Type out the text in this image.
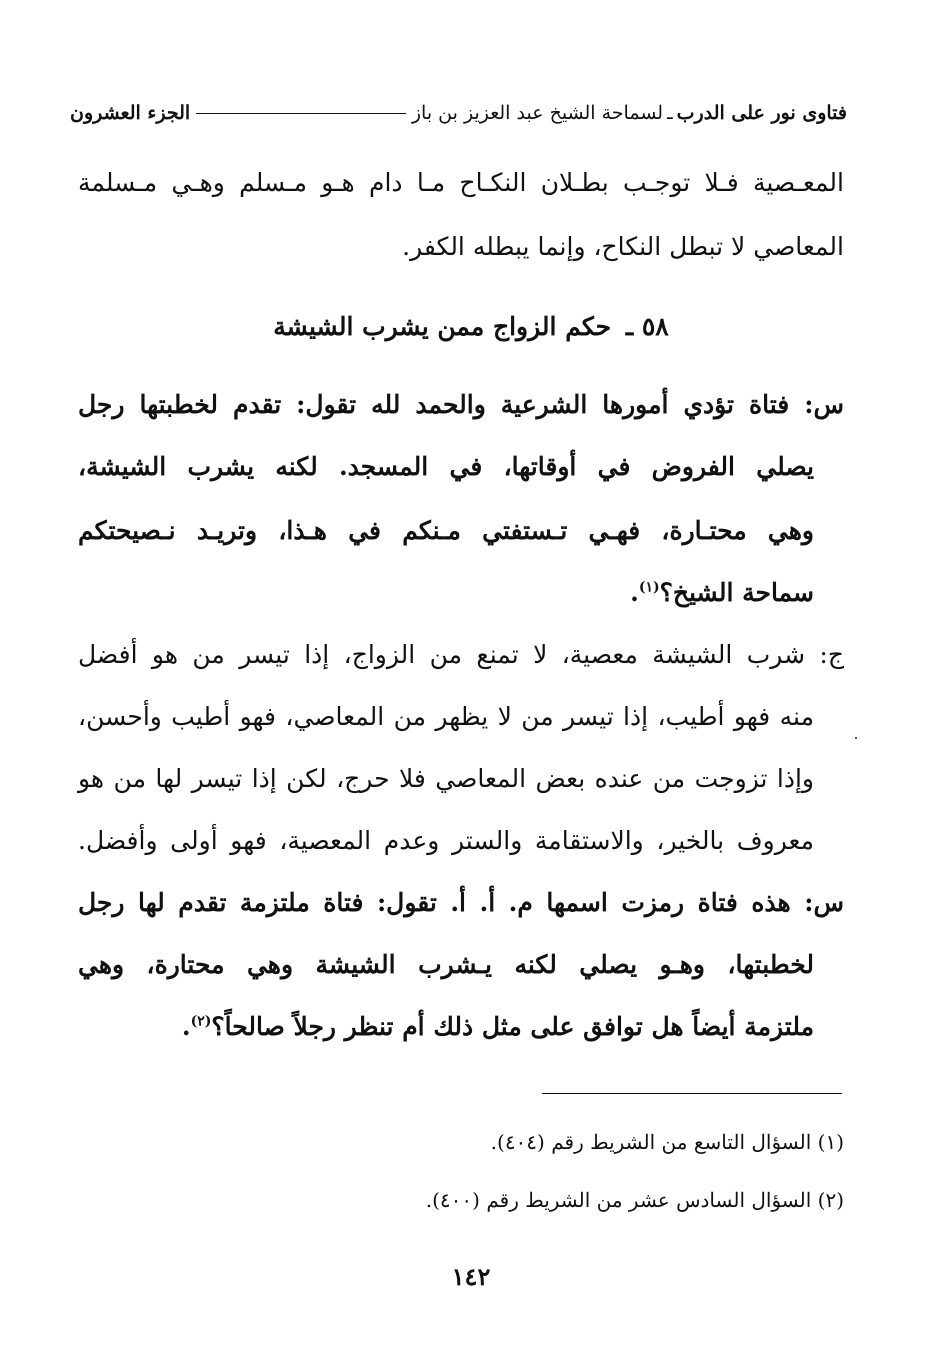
فتاوى نور على الدرب
ـ
لسماحة الشيخ عبد العزيز بن باز
الجزء العشرون
المعـصية فـلا توجـب بطـلان النكـاح مـا دام هـو مـسلم وهـي مـسلمة
المعاصي لا تبطل النكاح، وإنما يبطله الكفر.
٥٨ ـ حكم الزواج ممن يشرب الشيشة
س: فتاة تؤدي أمورها الشرعية والحمد لله تقول: تقدم لخطبتها رجل
يصلي الفروض في أوقاتها، في المسجد. لكنه يشرب الشيشة،
وهي محتـارة، فهـي تـستفتي مـنكم في هـذا، وتريـد نـصيحتكم
سماحة الشيخ؟$^{(١)}$.
ج: شرب الشيشة معصية، لا تمنع من الزواج، إذا تيسر من هو أفضل
منه فهو أطيب، إذا تيسر من لا يظهر من المعاصي، فهو أطيب وأحسن،
وإذا تزوجت من عنده بعض المعاصي فلا حرج، لكن إذا تيسر لها من هو
معروف بالخير، والاستقامة والستر وعدم المعصية، فهو أولى وأفضل.
س: هذه فتاة رمزت اسمها م. أ. أ. تقول: فتاة ملتزمة تقدم لها رجل
لخطبتها، وهـو يصلي لكنه يـشرب الشيشة وهي محتارة، وهي
ملتزمة أيضاً هل توافق على مثل ذلك أم تنظر رجلاً صالحاً؟$^{(٢)}$.
(١) السؤال التاسع من الشريط رقم (٤٠٤).
(٢) السؤال السادس عشر من الشريط رقم (٤٠٠).
١٤٢
